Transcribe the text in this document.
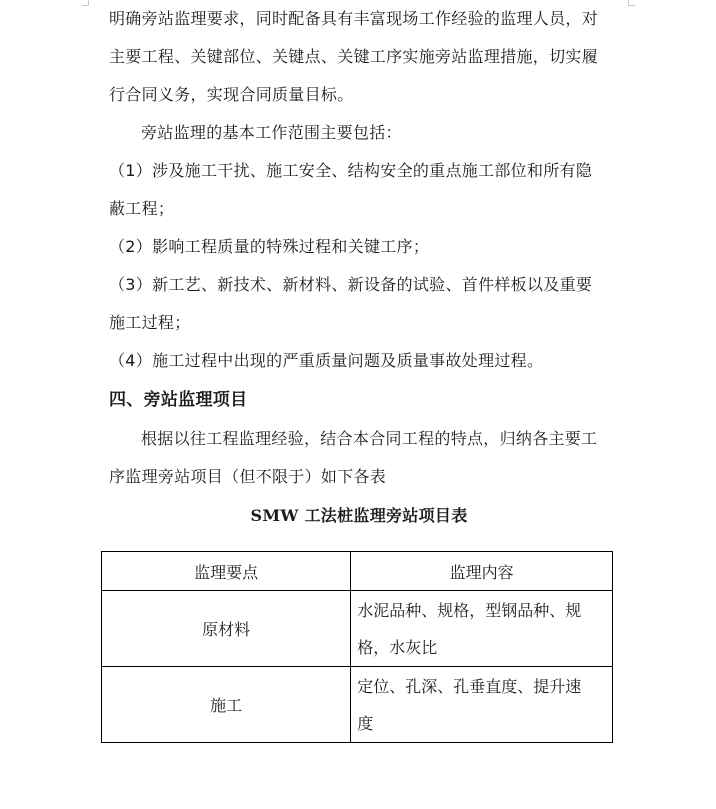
明确旁站监理要求，同时配备具有丰富现场工作经验的监理人员，对
主要工程、关键部位、关键点、关键工序实施旁站监理措施，切实履
行合同义务，实现合同质量目标。
旁站监理的基本工作范围主要包括：
（1）涉及施工干扰、施工安全、结构安全的重点施工部位和所有隐
蔽工程；
（2）影响工程质量的特殊过程和关键工序；
（3）新工艺、新技术、新材料、新设备的试验、首件样板以及重要
施工过程；
（4）施工过程中出现的严重质量问题及质量事故处理过程。
四、旁站监理项目
根据以往工程监理经验，结合本合同工程的特点，归纳各主要工
序监理旁站项目（但不限于）如下各表
SMW 工法桩监理旁站项目表
监理要点	监理内容
原材料	水泥品种、规格，型钢品种、规
格，水灰比

施工	定位、孔深、孔垂直度、提升速
度
